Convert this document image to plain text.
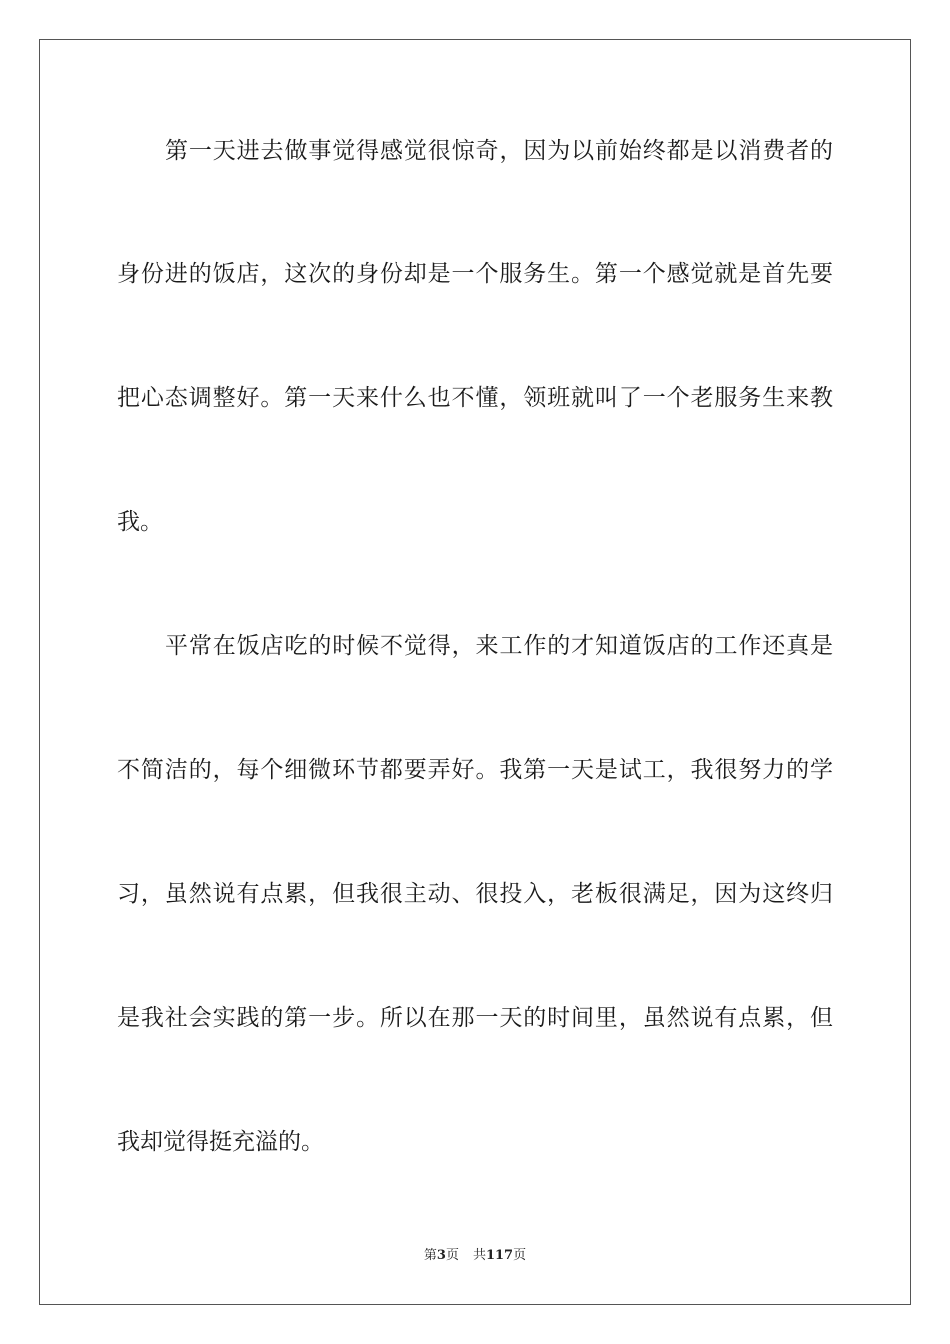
第一天进去做事觉得感觉很惊奇，因为以前始终都是以消费者的
身份进的饭店，这次的身份却是一个服务生。第一个感觉就是首先要
把心态调整好。第一天来什么也不懂，领班就叫了一个老服务生来教
我。
平常在饭店吃的时候不觉得，来工作的才知道饭店的工作还真是
不简洁的，每个细微环节都要弄好。我第一天是试工，我很努力的学
习，虽然说有点累，但我很主动、很投入，老板很满足，因为这终归
是我社会实践的第一步。所以在那一天的时间里，虽然说有点累，但
我却觉得挺充溢的。
第3页 共117页
